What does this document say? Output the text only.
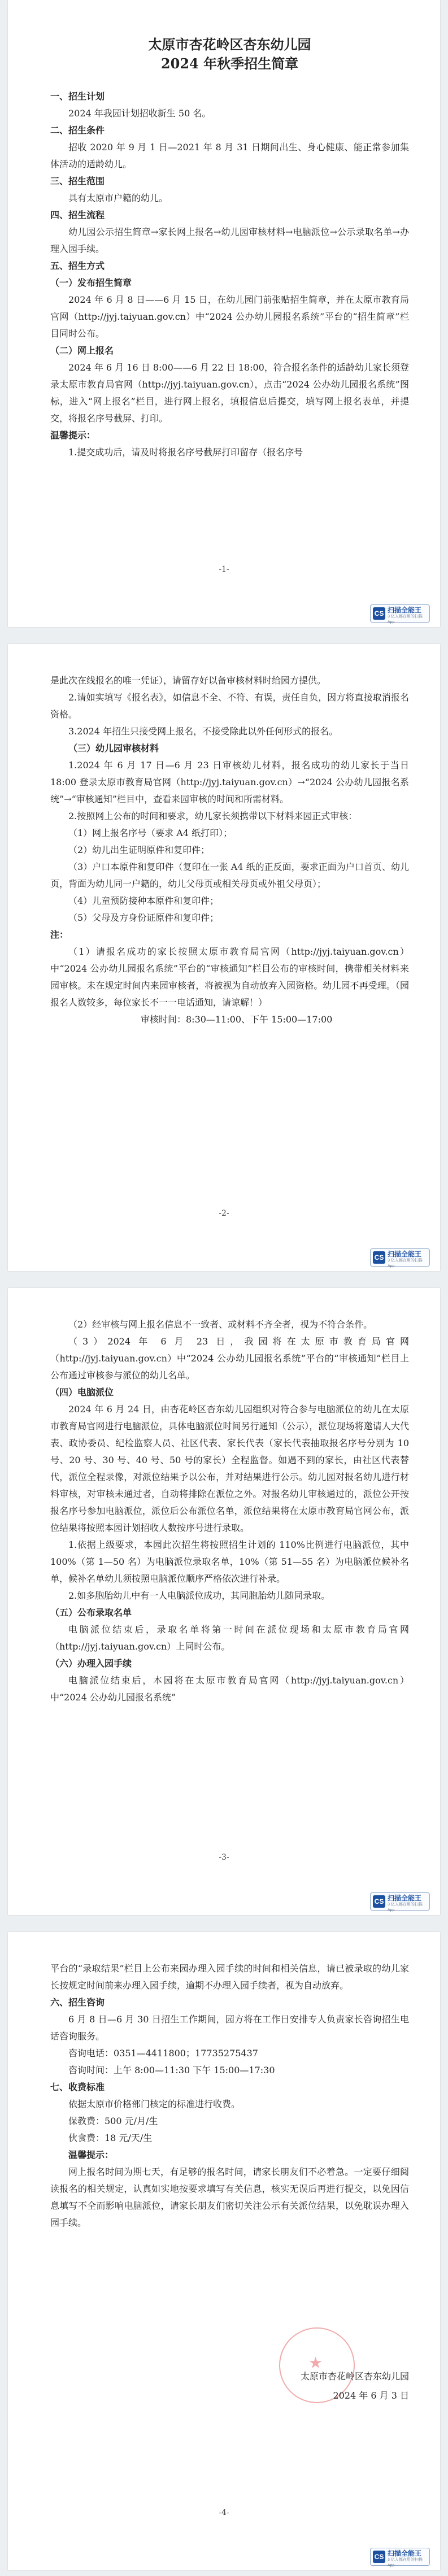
太原市杏花岭区杏东幼儿园

2024 年秋季招生简章

一、招生计划

2024 年我园计划招收新生 50 名。

二、招生条件

招收 2020 年 9 月 1 日—2021 年 8 月 31 日期间出生、身心健康、能正常参加集体活动的适龄幼儿。

三、招生范围

具有太原市户籍的幼儿。

四、招生流程

幼儿园公示招生简章→家长网上报名→幼儿园审核材料→电脑派位→公示录取名单→办理入园手续。

五、招生方式

（一）发布招生简章

2024 年 6 月 8 日——6 月 15 日，在幼儿园门前张贴招生简章，并在太原市教育局官网（http://jyj.taiyuan.gov.cn）中“2024 公办幼儿园报名系统”平台的“招生简章”栏目同时公布。

（二）网上报名

2024 年 6 月 16 日 8:00——6 月 22 日 18:00，符合报名条件的适龄幼儿家长须登录太原市教育局官网（http://jyj.taiyuan.gov.cn），点击“2024 公办幼儿园报名系统”图标，进入“网上报名”栏目，进行网上报名，填报信息后提交，填写网上报名表单，并提交，将报名序号截屏、打印。

温馨提示：

1.提交成功后，请及时将报名序号截屏打印留存（报名序号

-1-
CS 扫描全能王
3 亿人都在用的扫描App

是此次在线报名的唯一凭证），请留存好以备审核材料时给园方提供。

2.请如实填写《报名表》，如信息不全、不符、有误，责任自负，因方将直接取消报名资格。

3.2024 年招生只接受网上报名，不接受除此以外任何形式的报名。

（三）幼儿园审核材料

1.2024 年 6 月 17 日—6 月 23 日审核幼儿材料，报名成功的幼儿家长于当日 18:00 登录太原市教育局官网（http://jyj.taiyuan.gov.cn）→“2024 公办幼儿园报名系统”→“审核通知”栏目中，查看来园审核的时间和所需材料。

2.按照网上公布的时间和要求，幼儿家长须携带以下材料来园正式审核：

（1）网上报名序号（要求 A4 纸打印）；

（2）幼儿出生证明原件和复印件；

（3）户口本原件和复印件（复印在一张 A4 纸的正反面，要求正面为户口首页、幼儿页，背面为幼儿同一户籍的，幼儿父母页或相关母页或外祖父母页）；

（4）儿童预防接种本原件和复印件；

（5）父母及方身份证原件和复印件；

注：

（1）请报名成功的家长按照太原市教育局官网（http://jyj.taiyuan.gov.cn）中“2024 公办幼儿园报名系统”平台的“审核通知”栏目公布的审核时间，携带相关材料来园审核。未在规定时间内来园审核者，将被视为自动放弃入园资格。幼儿园不再受理。（园报名人数较多，每位家长不一一电话通知，请谅解！）

审核时间：8:30—11:00、下午 15:00—17:00

-2-
CS 扫描全能王
3 亿人都在用的扫描App

（2）经审核与网上报名信息不一致者、或材料不齐全者，视为不符合条件。

（3）2024 年 6 月 23 日，我园将在太原市教育局官网（http://jyj.taiyuan.gov.cn）中“2024 公办幼儿园报名系统”平台的“审核通知”栏目上公布通过审核参与派位的幼儿名单。

（四）电脑派位

2024 年 6 月 24 日，由杏花岭区杏东幼儿园组织对符合参与电脑派位的幼儿在太原市教育局官网进行电脑派位，具体电脑派位时间另行通知（公示），派位现场将邀请人大代表、政协委员、纪检监察人员、社区代表、家长代表（家长代表抽取报名序号分别为 10 号、20 号、30 号、40 号、50 号的家长）全程监督。如遇不到的家长，由社区代表替代，派位全程录像，对派位结果予以公布，并对结果进行公示。幼儿园对报名幼儿进行材料审核，对审核未通过者，自动将排除在派位之外。对报名幼儿审核通过的，派位公开按报名序号参加电脑派位，派位后公布派位名单，派位结果将在太原市教育局官网公布，派位结果将按照本园计划招收人数按序号进行录取。

1.依据上级要求，本园此次招生将按照招生计划的 110%比例进行电脑派位，其中 100%（第 1—50 名）为电脑派位录取名单，10%（第 51—55 名）为电脑派位候补名单，候补名单幼儿须按照电脑派位顺序严格依次进行补录。

2.如多胞胎幼儿中有一人电脑派位成功，其同胞胎幼儿随同录取。

（五）公布录取名单

电脑派位结束后，录取名单将第一时间在派位现场和太原市教育局官网（http://jyj.taiyuan.gov.cn）上同时公布。

（六）办理入园手续

电脑派位结束后，本园将在太原市教育局官网（http://jyj.taiyuan.gov.cn）中“2024 公办幼儿园报名系统”

-3-
CS 扫描全能王
3 亿人都在用的扫描App

平台的“录取结果”栏目上公布来园办理入园手续的时间和相关信息，请已被录取的幼儿家长按规定时间前来办理入园手续，逾期不办理入园手续者，视为自动放弃。

六、招生咨询

6 月 8 日—6 月 30 日招生工作期间，园方将在工作日安排专人负责家长咨询招生电话咨询服务。

咨询电话：0351—4411800；17735275437

咨询时间：上午 8:00—11:30 下午 15:00—17:30

七、收费标准

依据太原市价格部门核定的标准进行收费。

保教费：500 元/月/生

伙食费：18 元/天/生

温馨提示：

网上报名时间为期七天，有足够的报名时间，请家长朋友们不必着急。一定要仔细阅读报名的相关规定，认真如实地按要求填写有关信息，核实无误后再进行提交，以免因信息填写不全而影响电脑派位，请家长朋友们密切关注公示有关派位结果，以免耽误办理入园手续。

★
太原市杏花岭区杏东幼儿园
2024 年 6 月 3 日
-4-
CS 扫描全能王
3 亿人都在用的扫描App
